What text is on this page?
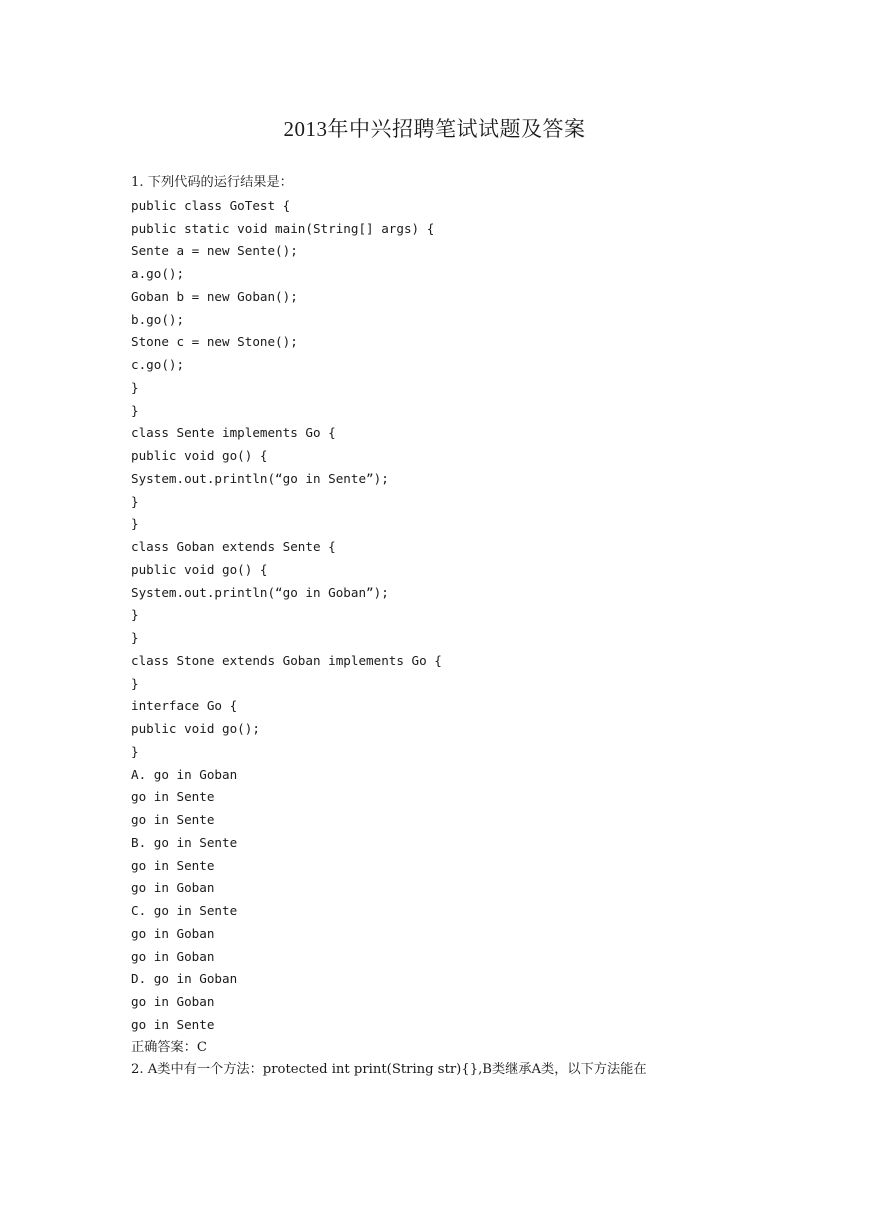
2013年中兴招聘笔试试题及答案
1. 下列代码的运行结果是：
public class GoTest {
public static void main(String[] args) {
Sente a = new Sente();
a.go();
Goban b = new Goban();
b.go();
Stone c = new Stone();
c.go();
}
}
class Sente implements Go {
public void go() {
System.out.println(“go in Sente”);
}
}
class Goban extends Sente {
public void go() {
System.out.println(“go in Goban”);
}
}
class Stone extends Goban implements Go {
}
interface Go {
public void go();
}
A. go in Goban
go in Sente
go in Sente
B. go in Sente
go in Sente
go in Goban
C. go in Sente
go in Goban
go in Goban
D. go in Goban
go in Goban
go in Sente
正确答案：C
2. A类中有一个方法：protected int print(String str){},B类继承A类，以下方法能在
